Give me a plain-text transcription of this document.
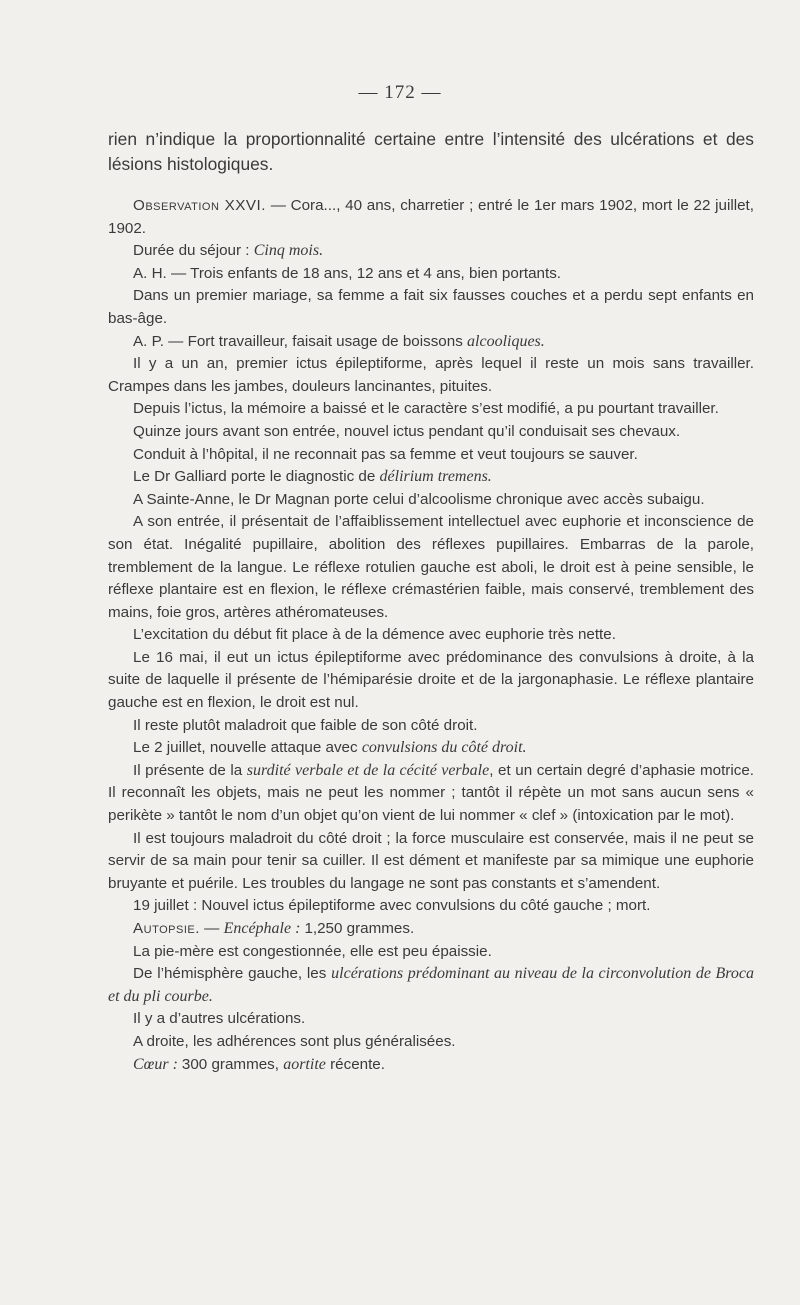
— 172 —

rien n’indique la proportionnalité certaine entre l’intensité des ulcérations et des lésions histologiques.

Observation XXVI. — Cora..., 40 ans, charretier ; entré le 1er mars 1902, mort le 22 juillet, 1902.

Durée du séjour : Cinq mois.

A. H. — Trois enfants de 18 ans, 12 ans et 4 ans, bien portants.

Dans un premier mariage, sa femme a fait six fausses couches et a perdu sept enfants en bas-âge.

A. P. — Fort travailleur, faisait usage de boissons alcooliques.

Il y a un an, premier ictus épileptiforme, après lequel il reste un mois sans travailler. Crampes dans les jambes, douleurs lancinantes, pituites.

Depuis l’ictus, la mémoire a baissé et le caractère s’est modifié, a pu pourtant travailler.

Quinze jours avant son entrée, nouvel ictus pendant qu’il conduisait ses chevaux.

Conduit à l’hôpital, il ne reconnait pas sa femme et veut toujours se sauver.

Le Dr Galliard porte le diagnostic de délirium tremens.

A Sainte-Anne, le Dr Magnan porte celui d’alcoolisme chronique avec accès subaigu.

A son entrée, il présentait de l’affaiblissement intellectuel avec euphorie et inconscience de son état. Inégalité pupillaire, abolition des réflexes pupillaires. Embarras de la parole, tremblement de la langue. Le réflexe rotulien gauche est aboli, le droit est à peine sensible, le réflexe plantaire est en flexion, le réflexe crémastérien faible, mais conservé, tremblement des mains, foie gros, artères athéromateuses.

L’excitation du début fit place à de la démence avec euphorie très nette.

Le 16 mai, il eut un ictus épileptiforme avec prédominance des convulsions à droite, à la suite de laquelle il présente de l’hémiparésie droite et de la jargonaphasie. Le réflexe plantaire gauche est en flexion, le droit est nul.

Il reste plutôt maladroit que faible de son côté droit.

Le 2 juillet, nouvelle attaque avec convulsions du côté droit.

Il présente de la surdité verbale et de la cécité verbale, et un certain degré d’aphasie motrice. Il reconnaît les objets, mais ne peut les nommer ; tantôt il répète un mot sans aucun sens « perikète » tantôt le nom d’un objet qu’on vient de lui nommer « clef » (intoxication par le mot).

Il est toujours maladroit du côté droit ; la force musculaire est conservée, mais il ne peut se servir de sa main pour tenir sa cuiller. Il est dément et manifeste par sa mimique une euphorie bruyante et puérile. Les troubles du langage ne sont pas constants et s’amendent.

19 juillet : Nouvel ictus épileptiforme avec convulsions du côté gauche ; mort.

Autopsie. — Encéphale : 1,250 grammes.

La pie-mère est congestionnée, elle est peu épaissie.

De l’hémisphère gauche, les ulcérations prédominant au niveau de la circonvolution de Broca et du pli courbe.

Il y a d’autres ulcérations.

A droite, les adhérences sont plus généralisées.

Cœur : 300 grammes, aortite récente.
